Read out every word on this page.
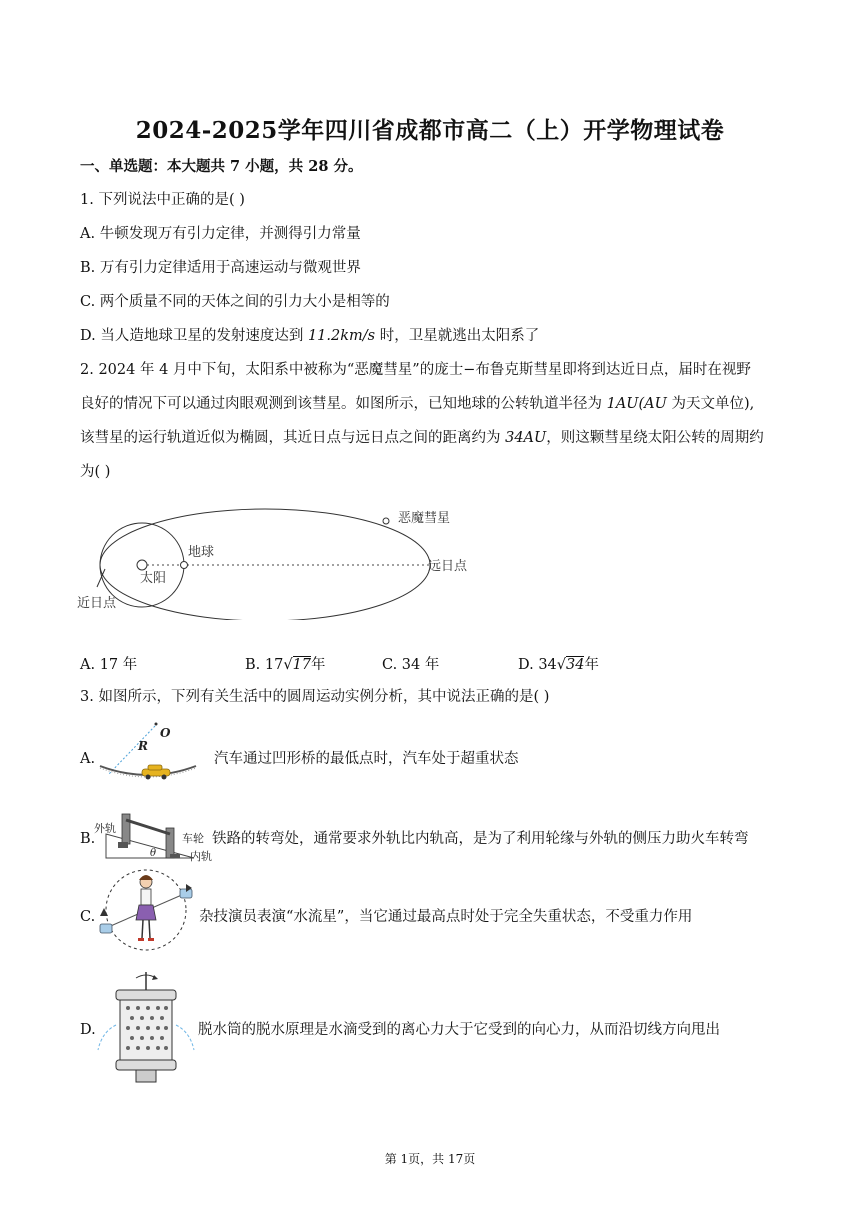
2024-2025学年四川省成都市高二（上）开学物理试卷
一、单选题：本大题共 7 小题，共 28 分。
1. 下列说法中正确的是( )
A. 牛顿发现万有引力定律，并测得引力常量
B. 万有引力定律适用于高速运动与微观世界
C. 两个质量不同的天体之间的引力大小是相等的
D. 当人造地球卫星的发射速度达到 11.2km/s 时，卫星就逃出太阳系了
2. 2024 年 4 月中下旬，太阳系中被称为“恶魔彗星”的庞士−布鲁克斯彗星即将到达近日点，届时在视野
良好的情况下可以通过肉眼观测到该彗星。如图所示，已知地球的公转轨道半径为 1AU(AU 为天文单位),
该彗星的运行轨道近似为椭圆，其近日点与远日点之间的距离约为 34AU，则这颗彗星绕太阳公转的周期约
为( )
恶魔彗星
地球
太阳
远日点
近日点
A. 17 年	B. 17√17年	C. 34 年	D. 34√34年
3. 如图所示，下列有关生活中的圆周运动实例分析，其中说法正确的是( )
A.
O
R
汽车通过凹形桥的最低点时，汽车处于超重状态
B.
外轨
车轮
内轨
θ
铁路的转弯处，通常要求外轨比内轨高，是为了利用轮缘与外轨的侧压力助火车转弯
C.	杂技演员表演“水流星”，当它通过最高点时处于完全失重状态，不受重力作用
D.	脱水筒的脱水原理是水滴受到的离心力大于它受到的向心力，从而沿切线方向甩出
第 1页，共 17页
